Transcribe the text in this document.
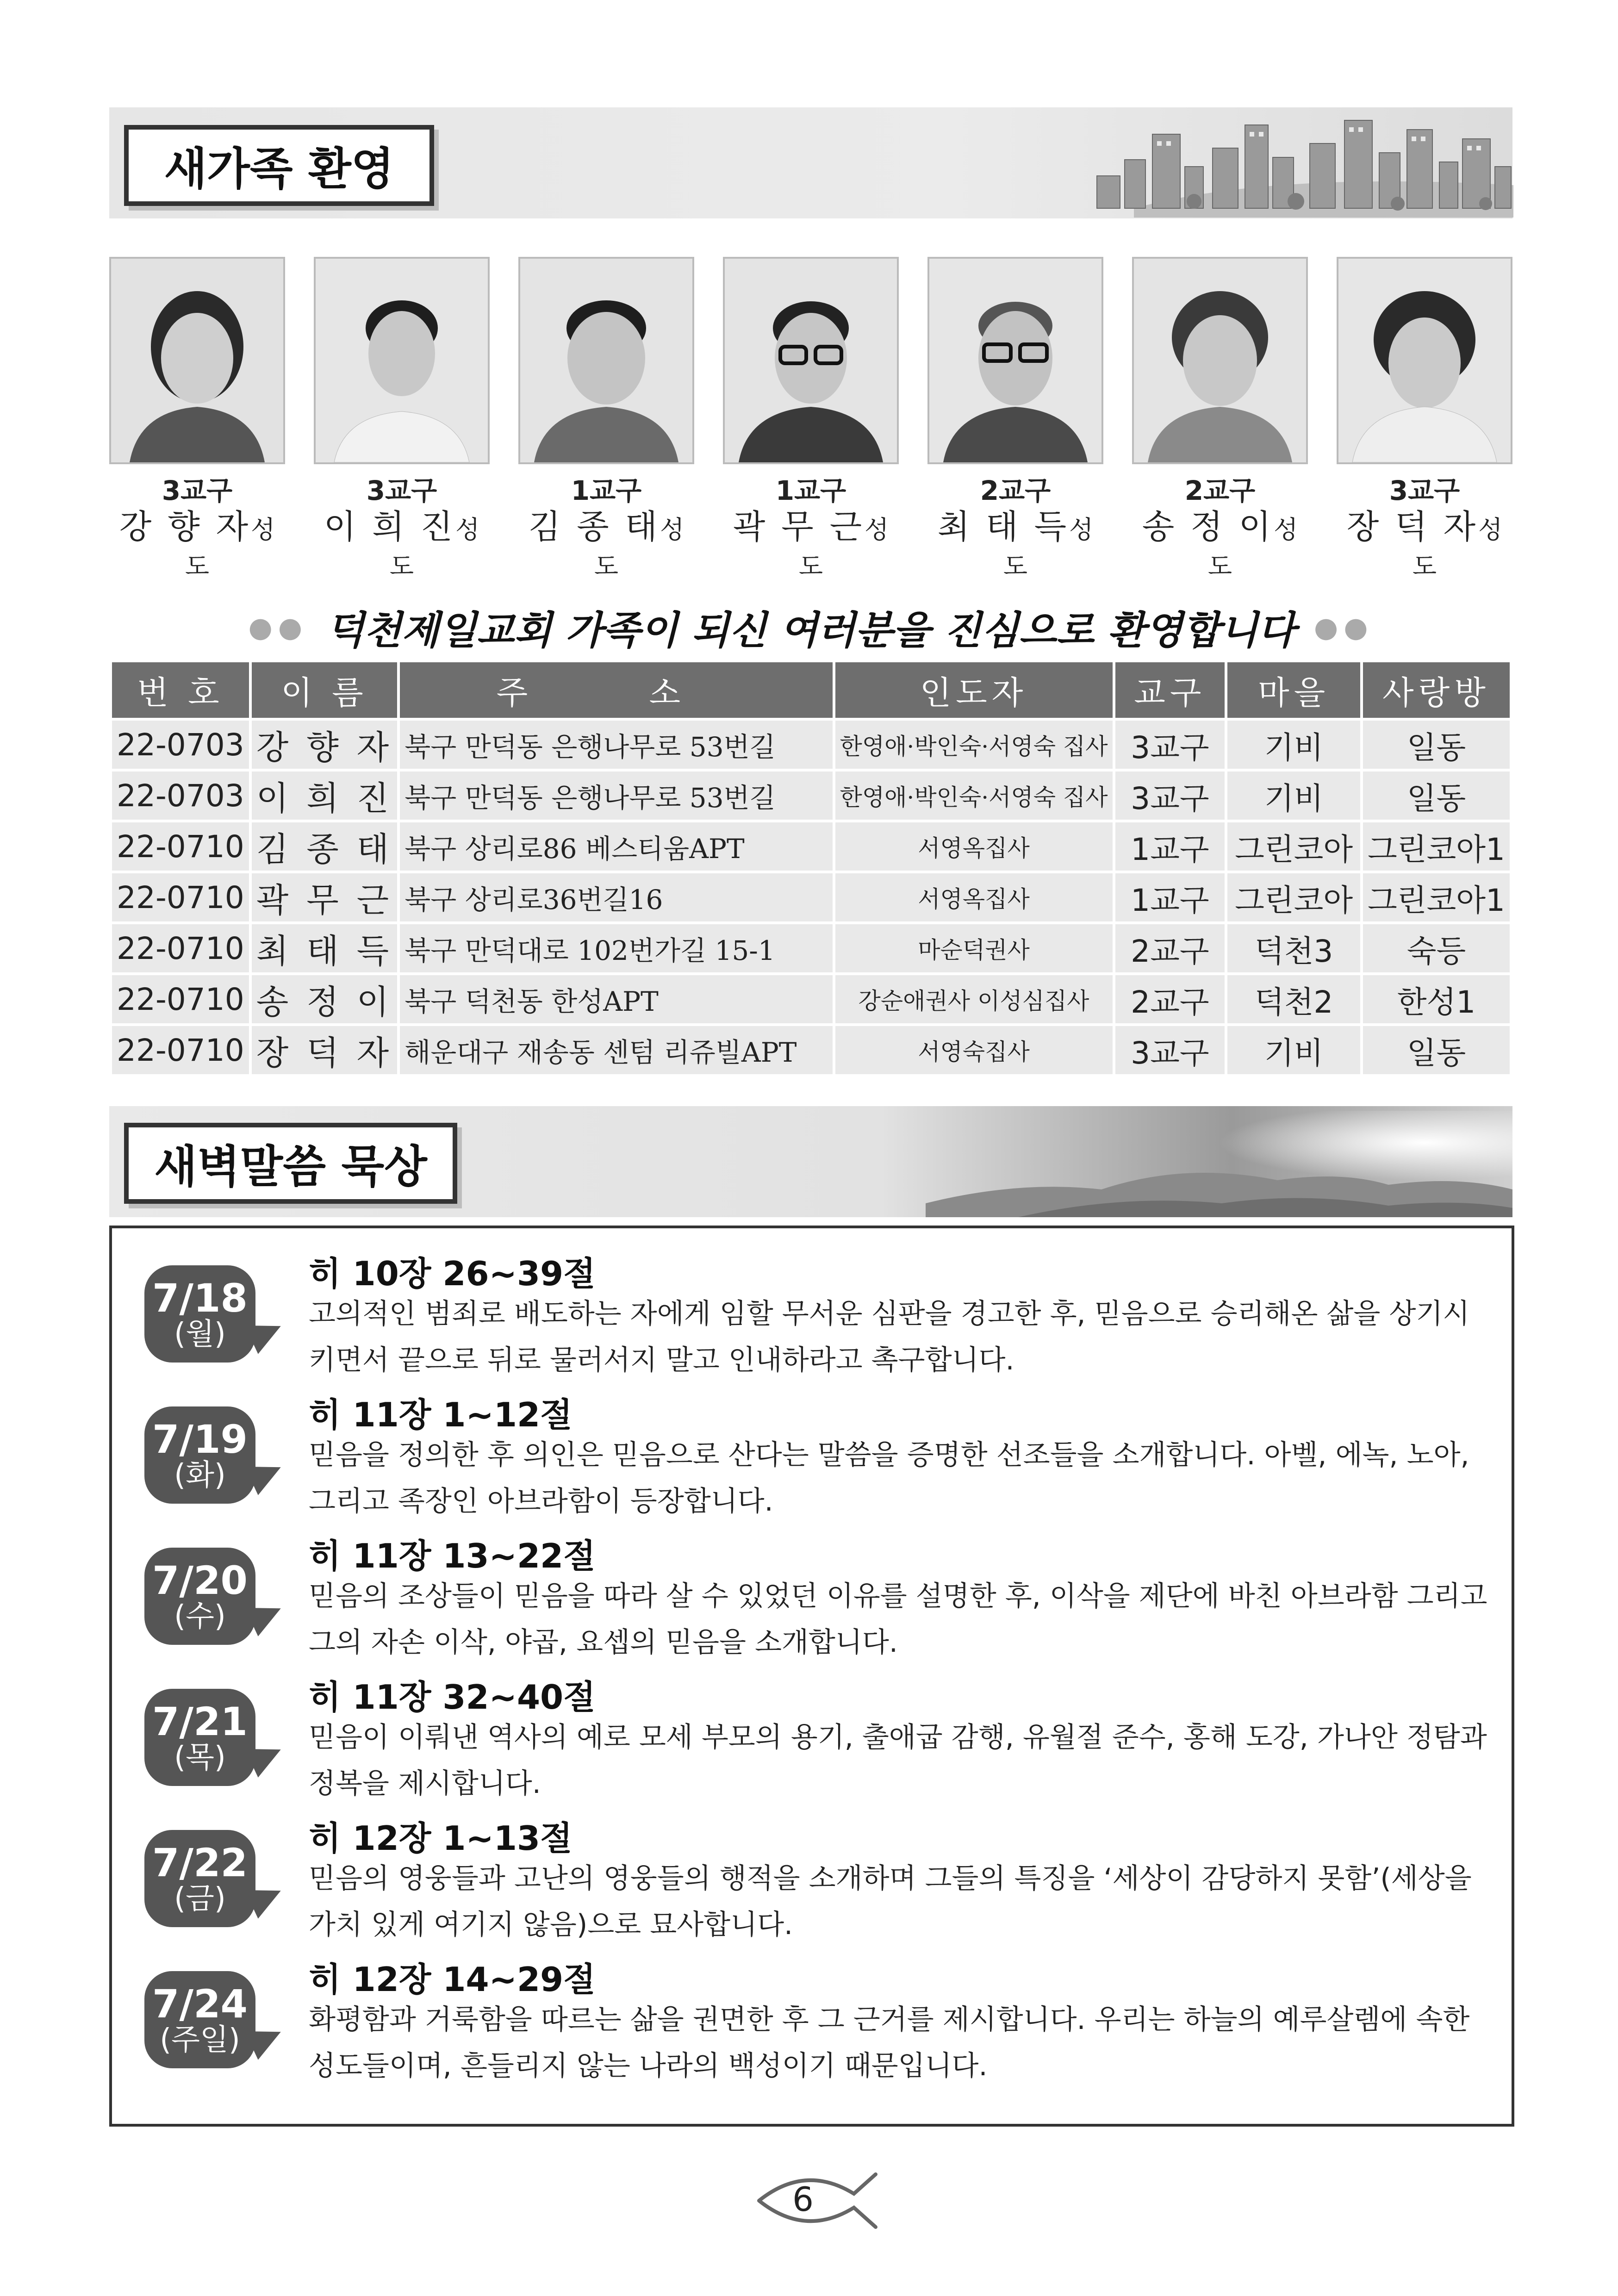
새가족 환영
3교구
강 향 자성도
3교구
이 희 진성도
1교구
김 종 태성도
1교구
곽 무 근성도
2교구
최 태 득성도
2교구
송 정 이성도
3교구
장 덕 자성도
●● 덕천제일교회 가족이 되신 여러분을 진심으로 환영합니다 ●●
번 호	이 름	주 소	인도자	교구	마을	사랑방
22-0703	강 향 자	북구 만덕동 은행나무로 53번길	한영애·박인숙·서영숙 집사	3교구	기비	일동
22-0703	이 희 진	북구 만덕동 은행나무로 53번길	한영애·박인숙·서영숙 집사	3교구	기비	일동
22-0710	김 종 태	북구 상리로86 베스티움APT	서영옥집사	1교구	그린코아	그린코아1
22-0710	곽 무 근	북구 상리로36번길16	서영옥집사	1교구	그린코아	그린코아1
22-0710	최 태 득	북구 만덕대로 102번가길 15-1	마순덕권사	2교구	덕천3	숙등
22-0710	송 정 이	북구 덕천동 한성APT	강순애권사 이성심집사	2교구	덕천2	한성1
22-0710	장 덕 자	해운대구 재송동 센텀 리쥬빌APT	서영숙집사	3교구	기비	일동
새벽말씀 묵상
7/18
(월)
히 10장 26~39절
고의적인 범죄로 배도하는 자에게 임할 무서운 심판을 경고한 후, 믿음으로 승리해온 삶을 상기시키면서 끝으로 뒤로 물러서지 말고 인내하라고 촉구합니다.
7/19
(화)
히 11장 1~12절
믿음을 정의한 후 의인은 믿음으로 산다는 말씀을 증명한 선조들을 소개합니다. 아벨, 에녹, 노아, 그리고 족장인 아브라함이 등장합니다.
7/20
(수)
히 11장 13~22절
믿음의 조상들이 믿음을 따라 살 수 있었던 이유를 설명한 후, 이삭을 제단에 바친 아브라함 그리고 그의 자손 이삭, 야곱, 요셉의 믿음을 소개합니다.
7/21
(목)
히 11장 32~40절
믿음이 이뤄낸 역사의 예로 모세 부모의 용기, 출애굽 감행, 유월절 준수, 홍해 도강, 가나안 정탐과 정복을 제시합니다.
7/22
(금)
히 12장 1~13절
믿음의 영웅들과 고난의 영웅들의 행적을 소개하며 그들의 특징을 ‘세상이 감당하지 못함’(세상을 가치 있게 여기지 않음)으로 묘사합니다.
7/24
(주일)
히 12장 14~29절
화평함과 거룩함을 따르는 삶을 권면한 후 그 근거를 제시합니다. 우리는 하늘의 예루살렘에 속한 성도들이며, 흔들리지 않는 나라의 백성이기 때문입니다.
6
